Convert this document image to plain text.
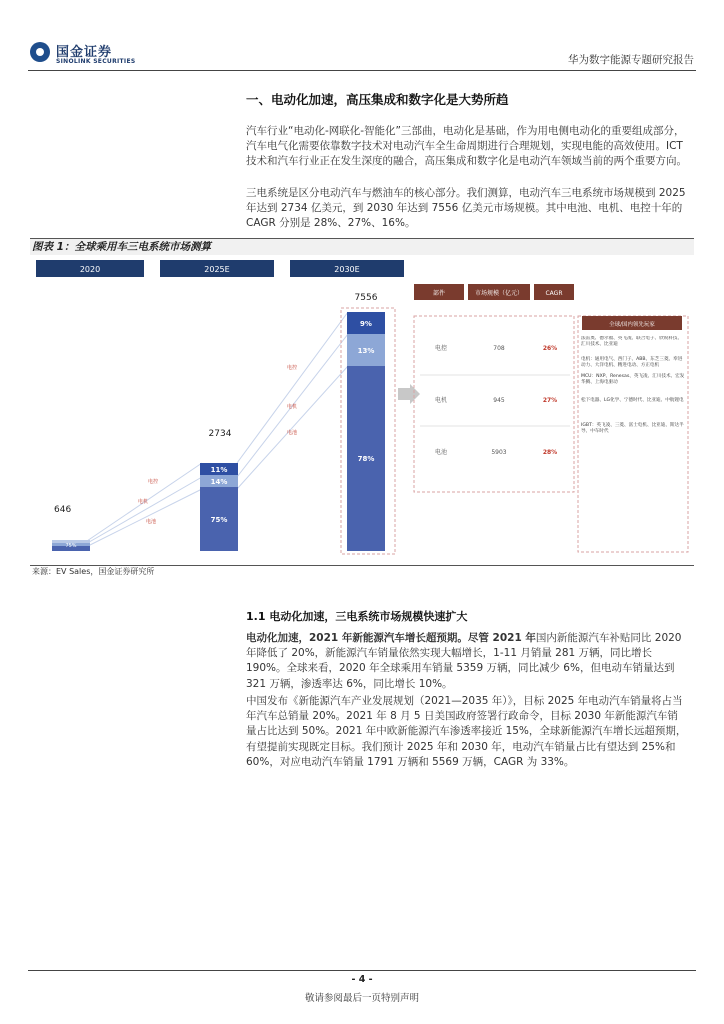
国金证券
SINOLINK SECURITIES	华为数字能源专题研究报告
一、电动化加速，高压集成和数字化是大势所趋
汽车行业“电动化-网联化-智能化”三部曲，电动化是基础，作为用电侧电动化的重要组成部分，汽车电气化需要依靠数字技术对电动汽车全生命周期进行合理规划，实现电能的高效使用。ICT 技术和汽车行业正在发生深度的融合，高压集成和数字化是电动汽车领域当前的两个重要方向。
三电系统是区分电动汽车与燃油车的核心部分。我们测算，电动汽车三电系统市场规模到 2025 年达到 2734 亿美元，到 2030 年达到 7556 亿美元市场规模。其中电池、电机、电控十年的 CAGR 分别是 28%、27%、16%。
图表 1：全球乘用车三电系统市场测算
2020	2025E	2030E
电控
电机
电池
电控
电机
电池
646
75%
2734
11%
14%
75%
7556
9%
13%
78%
部件	市场规模（亿元）	CAGR
电控	708	26%
电机	945	27%
电池	5903	28%
全球/国内领先玩家
法雷奥、德尔福、英飞凌、联合电子、欣锐科技、汇川技术、比亚迪
电机：通用电气、西门子、ABB、东芝三菱、奉进动力、大洋电机、精进电动、方正电机
MCU：NXP、Renesas、英飞凌、汇川技术、宏发华腾、上海电驱动
松下电器、LG化学、宁德时代、比亚迪、中航锂电
IGBT：英飞凌、三菱、富士电机、比亚迪、斯达半导、中车时代
来源：EV Sales，国金证券研究所
1.1 电动化加速，三电系统市场规模快速扩大
电动化加速，2021 年新能源汽车增长超预期。尽管 2021 年国内新能源汽车补贴同比 2020 年降低了 20%，新能源汽车销量依然实现大幅增长，1-11 月销量 281 万辆，同比增长 190%。全球来看，2020 年全球乘用车销量 5359 万辆，同比减少 6%，但电动车销量达到 321 万辆，渗透率达 6%，同比增长 10%。
中国发布《新能源汽车产业发展规划（2021—2035 年）》，目标 2025 年电动汽车销量将占当年汽车总销量 20%。2021 年 8 月 5 日美国政府签署行政命令，目标 2030 年新能源汽车销量占比达到 50%。2021 年中欧新能源汽车渗透率接近 15%，全球新能源汽车增长远超预期，有望提前实现既定目标。我们预计 2025 年和 2030 年，电动汽车销量占比有望达到 25%和 60%，对应电动汽车销量 1791 万辆和 5569 万辆，CAGR 为 33%。
- 4 -
敬请参阅最后一页特别声明
